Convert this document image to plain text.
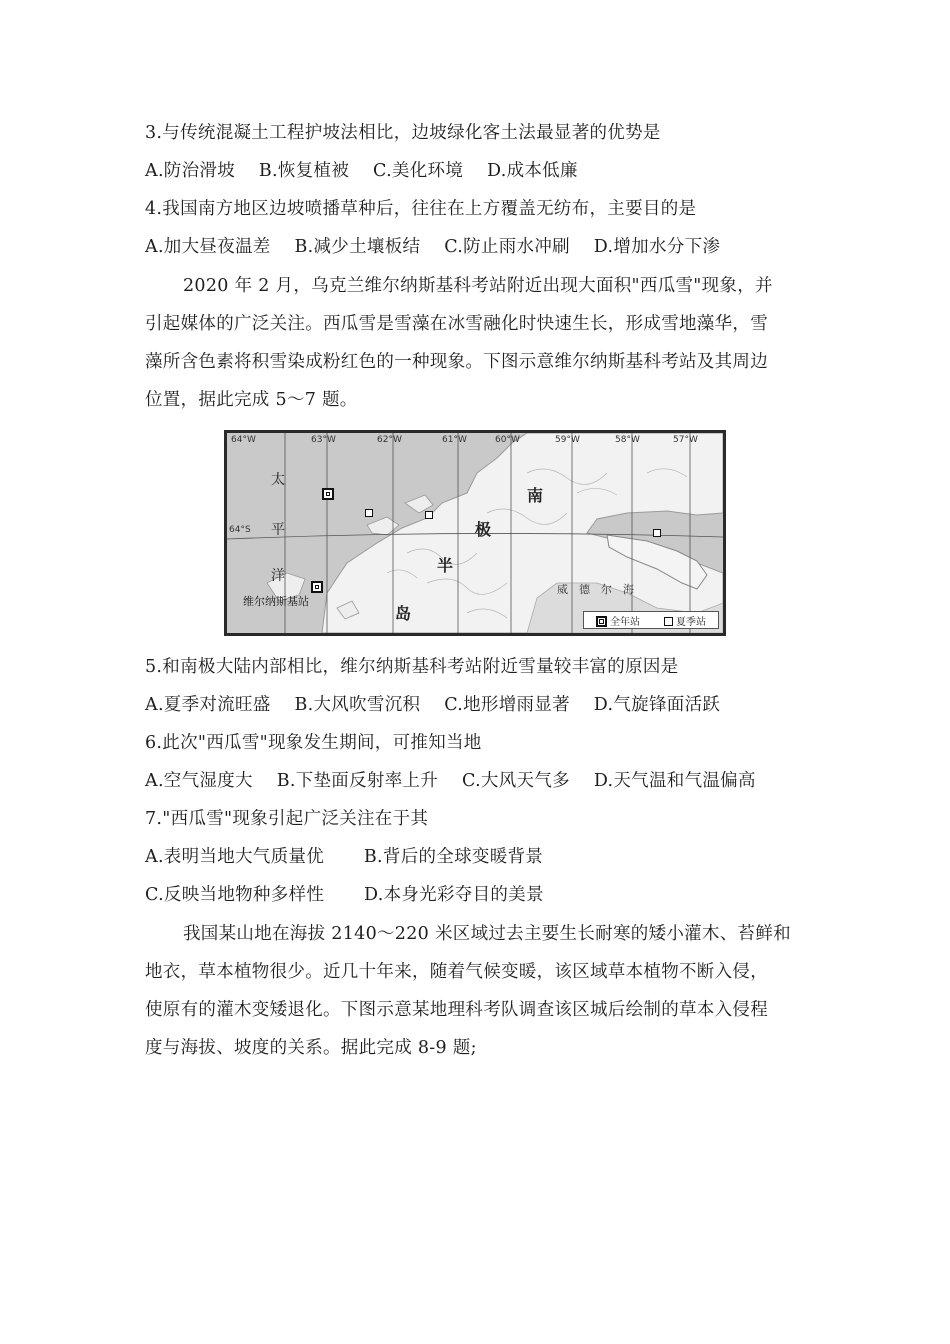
3.与传统混凝土工程护坡法相比，边坡绿化客土法最显著的优势是
A.防治滑坡 B.恢复植被 C.美化环境 D.成本低廉
4.我国南方地区边坡喷播草种后，往往在上方覆盖无纺布，主要目的是
A.加大昼夜温差 B.减少土壤板结 C.防止雨水冲刷 D.增加水分下渗
2020 年 2 月，乌克兰维尔纳斯基科考站附近出现大面积"西瓜雪"现象，并
引起媒体的广泛关注。西瓜雪是雪藻在冰雪融化时快速生长，形成雪地藻华，雪
藻所含色素将积雪染成粉红色的一种现象。下图示意维尔纳斯基科考站及其周边
位置，据此完成 5～7 题。
64°W	63°W	62°W	61°W	60°W	59°W	58°W	57°W
64°S
太
平
洋
南
极
半
岛
威 德 尔 海
维尔纳斯基站
全年站	夏季站
5.和南极大陆内部相比，维尔纳斯基科考站附近雪量较丰富的原因是
A.夏季对流旺盛 B.大风吹雪沉积 C.地形增雨显著 D.气旋锋面活跃
6.此次"西瓜雪"现象发生期间，可推知当地
A.空气湿度大 B.下垫面反射率上升 C.大风天气多 D.天气温和气温偏高
7."西瓜雪"现象引起广泛关注在于其
A.表明当地大气质量优 B.背后的全球变暖背景
C.反映当地物种多样性 D.本身光彩夺目的美景
我国某山地在海拔 2140～220 米区域过去主要生长耐寒的矮小灌木、苔鲜和
地衣，草本植物很少。近几十年来，随着气候变暖，该区域草本植物不断入侵，
使原有的灌木变矮退化。下图示意某地理科考队调查该区城后绘制的草本入侵程
度与海拔、坡度的关系。据此完成 8-9 题;
